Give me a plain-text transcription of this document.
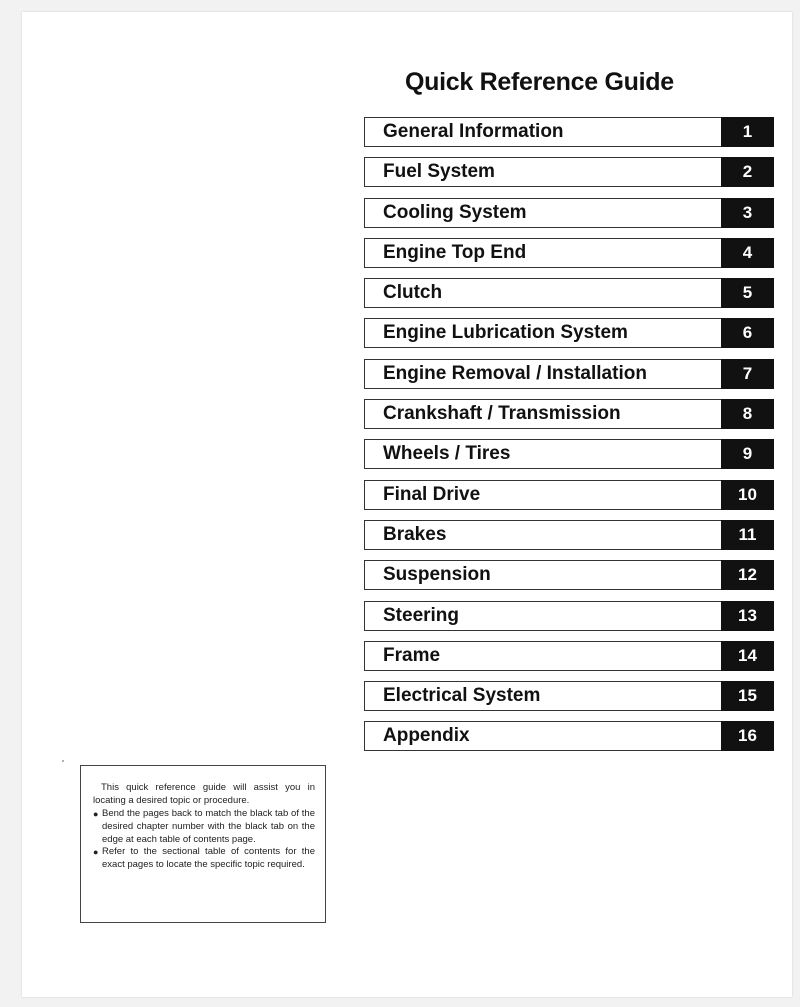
Quick Reference Guide
General Information	1
Fuel System	2
Cooling System	3
Engine Top End	4
Clutch	5
Engine Lubrication System	6
Engine Removal / Installation	7
Crankshaft / Transmission	8
Wheels / Tires	9
Final Drive	10
Brakes	11
Suspension	12
Steering	13
Frame	14
Electrical System	15
Appendix	16

This quick reference guide will assist you in locating a desired topic or procedure.

● Bend the pages back to match the black tab of the desired chapter number with the black tab on the edge at each table of contents page.

● Refer to the sectional table of contents for the exact pages to locate the specific topic required.
